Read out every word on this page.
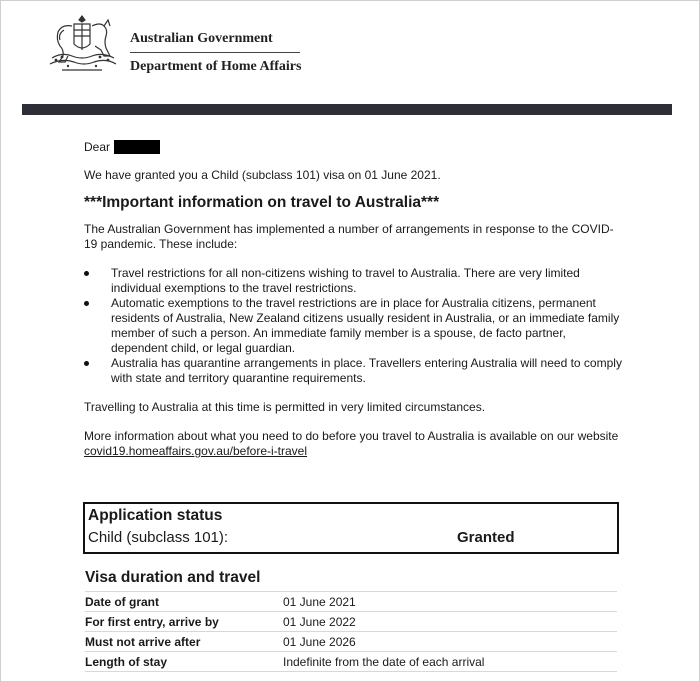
Australian Government
Department of Home Affairs

Dear

We have granted you a Child (subclass 101) visa on 01 June 2021.

***Important information on travel to Australia***

The Australian Government has implemented a number of arrangements in response to the COVID-19 pandemic. These include:

Travel restrictions for all non-citizens wishing to travel to Australia. There are very limited individual exemptions to the travel restrictions.
Automatic exemptions to the travel restrictions are in place for Australia citizens, permanent residents of Australia, New Zealand citizens usually resident in Australia, or an immediate family member of such a person. An immediate family member is a spouse, de facto partner, dependent child, or legal guardian.
Australia has quarantine arrangements in place. Travellers entering Australia will need to comply with state and territory quarantine requirements.

Travelling to Australia at this time is permitted in very limited circumstances.

More information about what you need to do before you travel to Australia is available on our website covid19.homeaffairs.gov.au/before-i-travel

Application status
Child (subclass 101):	Granted
Visa duration and travel
Date of grant	01 June 2021
For first entry, arrive by	01 June 2022
Must not arrive after	01 June 2026
Length of stay	Indefinite from the date of each arrival
